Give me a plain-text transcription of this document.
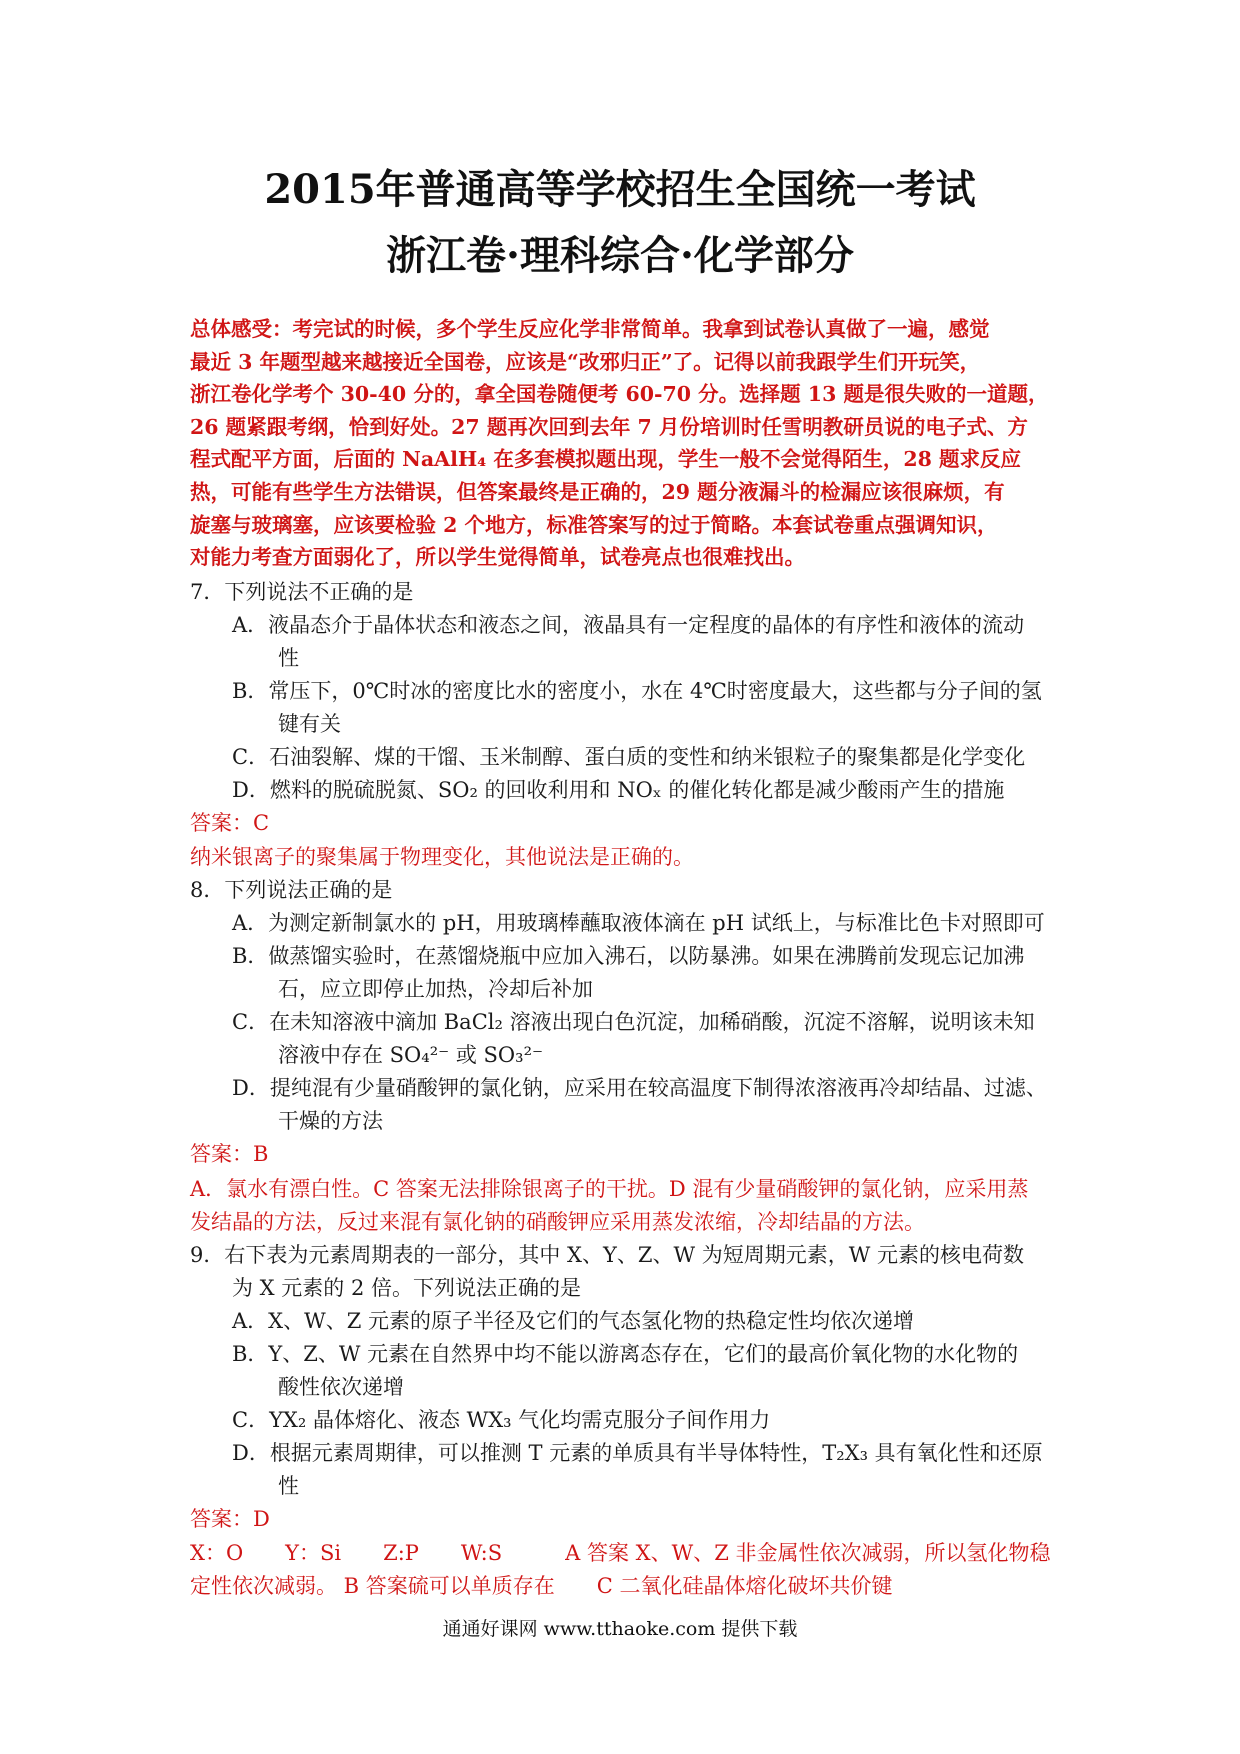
2015年普通高等学校招生全国统一考试
浙江卷·理科综合·化学部分

总体感受：考完试的时候，多个学生反应化学非常简单。我拿到试卷认真做了一遍，感觉

最近 3 年题型越来越接近全国卷，应该是“改邪归正”了。记得以前我跟学生们开玩笑，

浙江卷化学考个 30-40 分的，拿全国卷随便考 60-70 分。选择题 13 题是很失败的一道题，

26 题紧跟考纲，恰到好处。27 题再次回到去年 7 月份培训时任雪明教研员说的电子式、方

程式配平方面，后面的 NaAlH₄ 在多套模拟题出现，学生一般不会觉得陌生，28 题求反应

热，可能有些学生方法错误，但答案最终是正确的，29 题分液漏斗的检漏应该很麻烦，有

旋塞与玻璃塞，应该要检验 2 个地方，标准答案写的过于简略。本套试卷重点强调知识，

对能力考查方面弱化了，所以学生觉得简单，试卷亮点也很难找出。

7．下列说法不正确的是
A．液晶态介于晶体状态和液态之间，液晶具有一定程度的晶体的有序性和液体的流动
性
B．常压下，0℃时冰的密度比水的密度小，水在 4℃时密度最大，这些都与分子间的氢
键有关
C．石油裂解、煤的干馏、玉米制醇、蛋白质的变性和纳米银粒子的聚集都是化学变化
D．燃料的脱硫脱氮、SO₂ 的回收利用和 NOₓ 的催化转化都是减少酸雨产生的措施
答案：C
纳米银离子的聚集属于物理变化，其他说法是正确的。
8．下列说法正确的是
A．为测定新制氯水的 pH，用玻璃棒蘸取液体滴在 pH 试纸上，与标准比色卡对照即可
B．做蒸馏实验时，在蒸馏烧瓶中应加入沸石，以防暴沸。如果在沸腾前发现忘记加沸
石，应立即停止加热，冷却后补加
C．在未知溶液中滴加 BaCl₂ 溶液出现白色沉淀，加稀硝酸，沉淀不溶解，说明该未知
溶液中存在 SO₄²⁻ 或 SO₃²⁻
D．提纯混有少量硝酸钾的氯化钠，应采用在较高温度下制得浓溶液再冷却结晶、过滤、
干燥的方法
答案：B
A．氯水有漂白性。C 答案无法排除银离子的干扰。D 混有少量硝酸钾的氯化钠，应采用蒸
发结晶的方法，反过来混有氯化钠的硝酸钾应采用蒸发浓缩，冷却结晶的方法。
9．右下表为元素周期表的一部分，其中 X、Y、Z、W 为短周期元素，W 元素的核电荷数
为 X 元素的 2 倍。下列说法正确的是
A．X、W、Z 元素的原子半径及它们的气态氢化物的热稳定性均依次递增
B．Y、Z、W 元素在自然界中均不能以游离态存在，它们的最高价氧化物的水化物的
酸性依次递增
C．YX₂ 晶体熔化、液态 WX₃ 气化均需克服分子间作用力
D．根据元素周期律，可以推测 T 元素的单质具有半导体特性，T₂X₃ 具有氧化性和还原
性
答案：D
X：O　　Y：Si　　Z:P　　W:S　　　A 答案 X、W、Z 非金属性依次减弱，所以氢化物稳
定性依次减弱。 B 答案硫可以单质存在　　C 二氧化硅晶体熔化破坏共价键
通通好课网 www.tthaoke.com 提供下载
